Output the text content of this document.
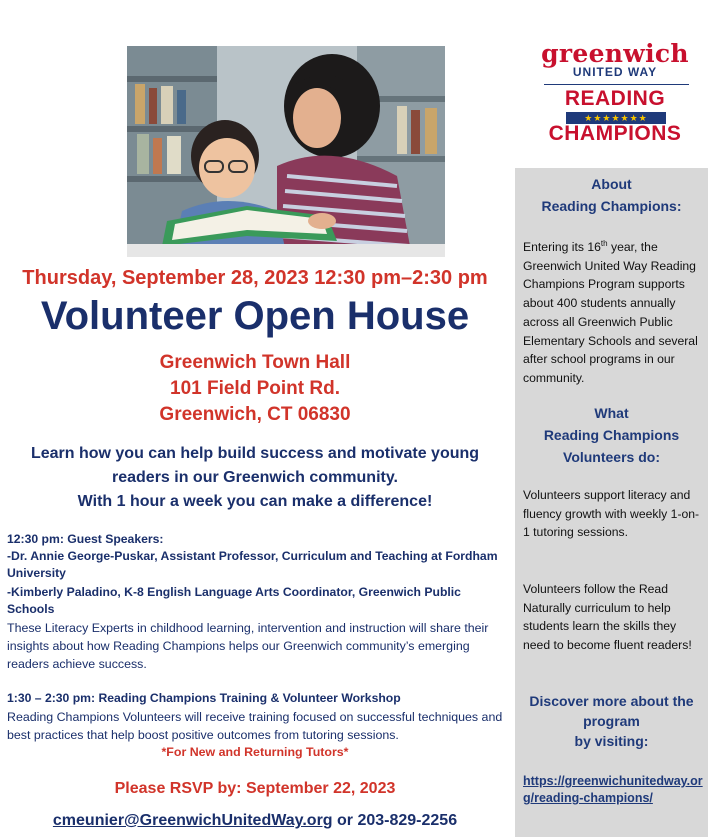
greenwich
UNITED WAY
READING
★★★★★★★
CHAMPIONS
Thursday, September 28, 2023 12:30 pm–2:30 pm
Volunteer Open House
Greenwich Town Hall
101 Field Point Rd.
Greenwich, CT 06830
Learn how you can help build success and motivate young
readers in our Greenwich community.
With 1 hour a week you can make a difference!
12:30 pm: Guest Speakers:
-Dr. Annie George-Puskar, Assistant Professor, Curriculum and Teaching at Fordham University
-Kimberly Paladino, K-8 English Language Arts Coordinator, Greenwich Public Schools
These Literacy Experts in childhood learning, intervention and instruction will share their insights about how Reading Champions helps our Greenwich community’s emerging readers achieve success.
1:30 – 2:30 pm: Reading Champions Training & Volunteer Workshop
Reading Champions Volunteers will receive training focused on successful techniques and best practices that help boost positive outcomes from tutoring sessions.
*For New and Returning Tutors*
Please RSVP by: September 22, 2023
cmeunier@GreenwichUnitedWay.org or 203-829-2256
About
Reading Champions:
Entering its 16th year, the Greenwich United Way Reading Champions Program supports about 400 students annually across all Greenwich Public Elementary Schools and several after school programs in our community.
What
Reading Champions
Volunteers do:
Volunteers support literacy and fluency growth with weekly 1-on-1 tutoring sessions.
Volunteers follow the Read Naturally curriculum to help students learn the skills they need to become fluent readers!
Discover more about the
program
by visiting:
https://greenwichunitedway.org/reading-champions/
